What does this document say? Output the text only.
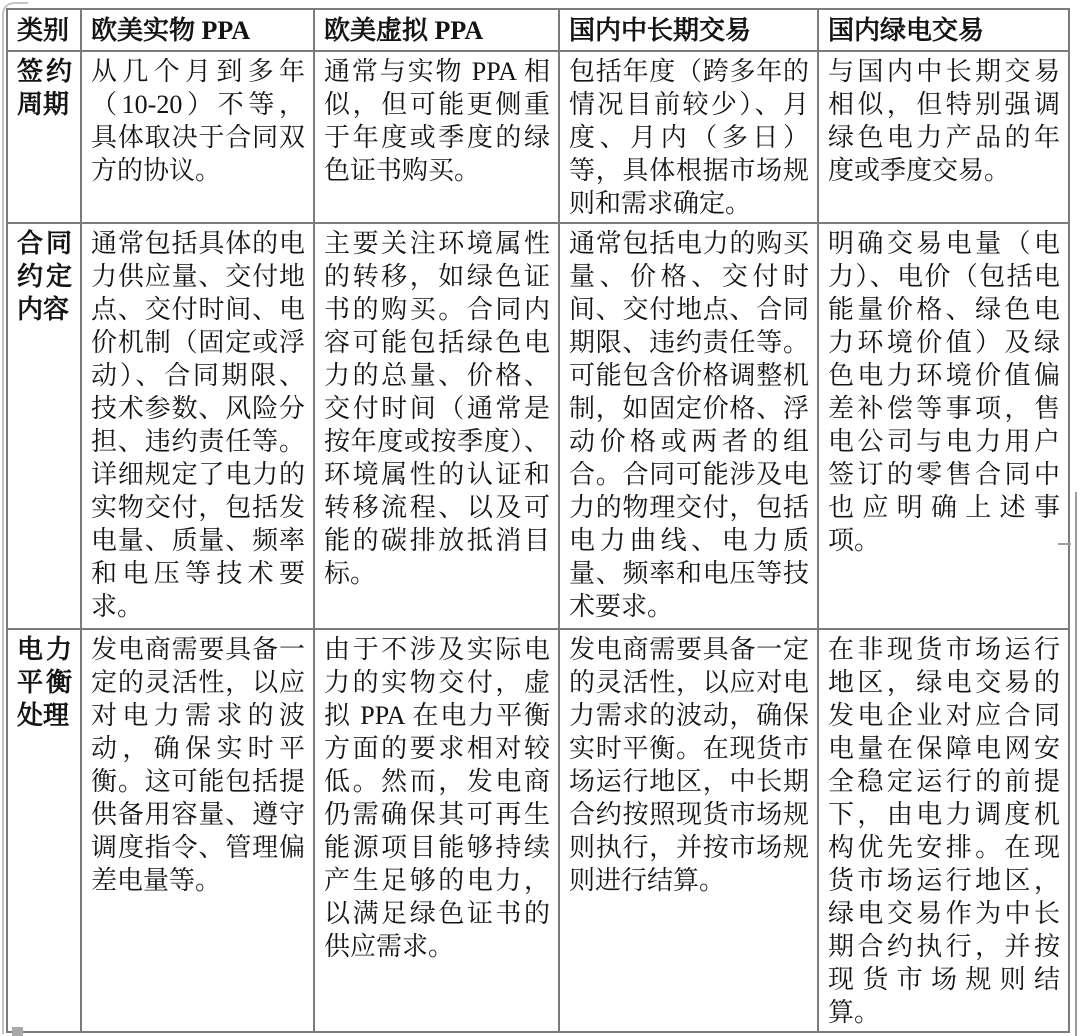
类别	欧美实物 PPA	欧美虚拟 PPA	国内中长期交易	国内绿电交易
签约周期	从几个月到多年（10-20）不等，具体取决于合同双方的协议。	通常与实物 PPA 相似，但可能更侧重于年度或季度的绿色证书购买。	包括年度（跨多年的情况目前较少）、月度、月内（多日）等，具体根据市场规则和需求确定。	与国内中长期交易相似，但特别强调绿色电力产品的年度或季度交易。
合同约定内容	通常包括具体的电力供应量、交付地点、交付时间、电价机制（固定或浮动）、合同期限、技术参数、风险分担、违约责任等。详细规定了电力的实物交付，包括发电量、质量、频率和电压等技术要求。	主要关注环境属性的转移，如绿色证书的购买。合同内容可能包括绿色电力的总量、价格、交付时间（通常是按年度或按季度）、环境属性的认证和转移流程、以及可能的碳排放抵消目标。	通常包括电力的购买量、价格、交付时间、交付地点、合同期限、违约责任等。可能包含价格调整机制，如固定价格、浮动价格或两者的组合。合同可能涉及电力的物理交付，包括电力曲线、电力质量、频率和电压等技术要求。	明确交易电量（电力）、电价（包括电能量价格、绿色电力环境价值）及绿色电力环境价值偏差补偿等事项，售电公司与电力用户签订的零售合同中也应明确上述事项。
电力平衡处理	发电商需要具备一定的灵活性，以应对电力需求的波动，确保实时平衡。这可能包括提供备用容量、遵守调度指令、管理偏差电量等。	由于不涉及实际电力的实物交付，虚拟 PPA 在电力平衡方面的要求相对较低。然而，发电商仍需确保其可再生能源项目能够持续产生足够的电力，以满足绿色证书的供应需求。	发电商需要具备一定的灵活性，以应对电力需求的波动，确保实时平衡。在现货市场运行地区，中长期合约按照现货市场规则执行，并按市场规则进行结算。	在非现货市场运行地区，绿电交易的发电企业对应合同电量在保障电网安全稳定运行的前提下，由电力调度机构优先安排。在现货市场运行地区，绿电交易作为中长期合约执行，并按现货市场规则结算。
